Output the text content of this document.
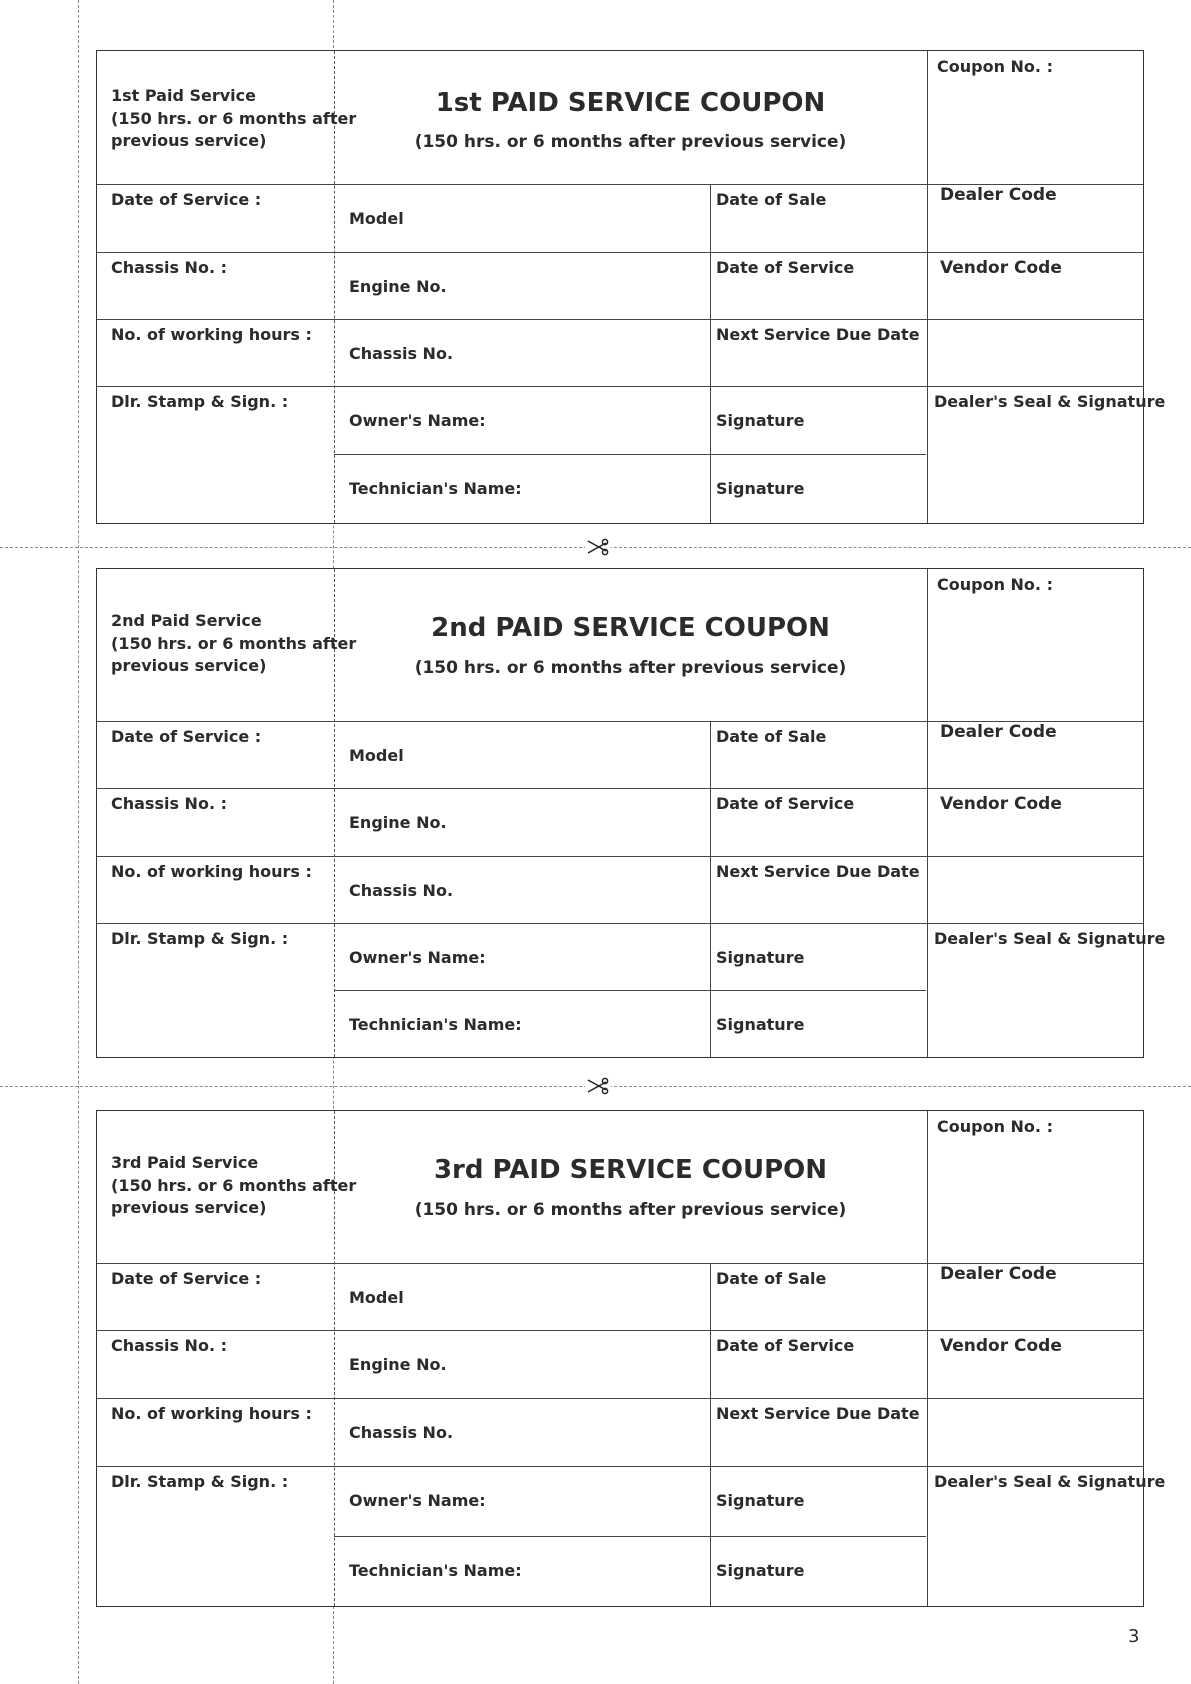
1st Paid Service
(150 hrs. or 6 months after
previous service)
1st PAID SERVICE COUPON
(150 hrs. or 6 months after previous service)
Coupon No. :
Date of Service :
Chassis No. :
No. of working hours :
Dlr. Stamp & Sign. :
Model
Engine No.
Chassis No.
Owner's Name:
Technician's Name:
Date of Sale
Date of Service
Next Service Due Date
Signature
Signature
Dealer Code
Vendor Code
Dealer's Seal & Signature
2nd Paid Service
(150 hrs. or 6 months after
previous service)
2nd PAID SERVICE COUPON
(150 hrs. or 6 months after previous service)
Coupon No. :
Date of Service :
Chassis No. :
No. of working hours :
Dlr. Stamp & Sign. :
Model
Engine No.
Chassis No.
Owner's Name:
Technician's Name:
Date of Sale
Date of Service
Next Service Due Date
Signature
Signature
Dealer Code
Vendor Code
Dealer's Seal & Signature
3rd Paid Service
(150 hrs. or 6 months after
previous service)
3rd PAID SERVICE COUPON
(150 hrs. or 6 months after previous service)
Coupon No. :
Date of Service :
Chassis No. :
No. of working hours :
Dlr. Stamp & Sign. :
Model
Engine No.
Chassis No.
Owner's Name:
Technician's Name:
Date of Sale
Date of Service
Next Service Due Date
Signature
Signature
Dealer Code
Vendor Code
Dealer's Seal & Signature
3
